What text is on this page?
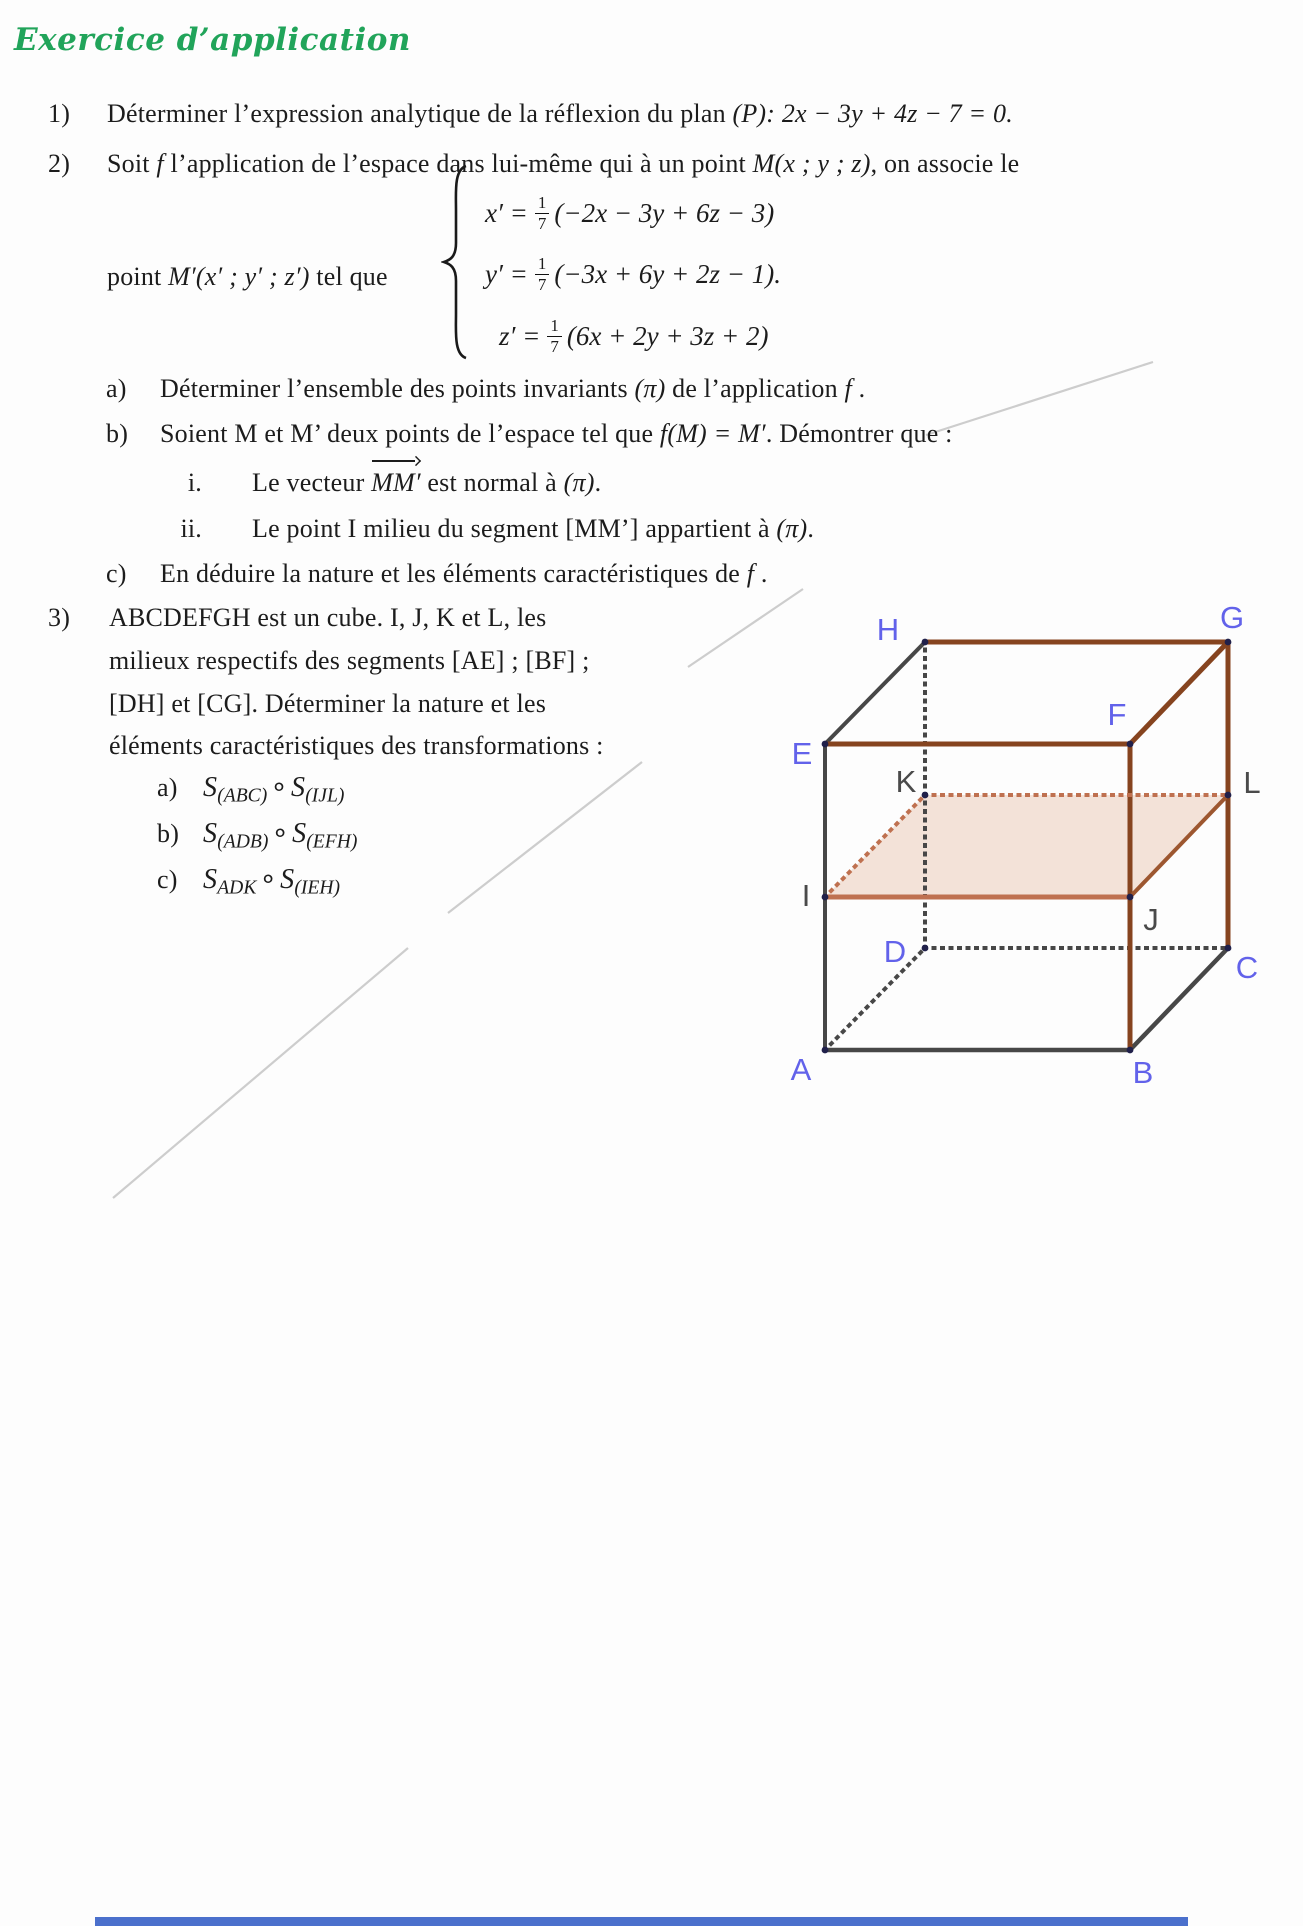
A	B
C
D
E
F
G
H
I
J
K	L
Exercice d’application
1) Déterminer l’expression analytique de la réflexion du plan (P): 2x − 3y + 4z − 7 = 0.
2) Soit f l’application de l’espace dans lui-même qui à un point M(x ; y ; z), on associe le
point M′(x′ ; y′ ; z′) tel que
$x' = \frac{1}{7} (-2x - 3y + 6z - 3)$
$y' = \frac{1}{7} (-3x + 6y + 2z - 1)$.
$z' = \frac{1}{7} (6x + 2y + 3z + 2)$
a) Déterminer l’ensemble des points invariants (π) de l’application f .
b) Soient M et M’ deux points de l’espace tel que f(M) = M′. Démontrer que :
i. Le vecteur MM′ est normal à (π).
ii. Le point I milieu du segment [MM’] appartient à (π).
c) En déduire la nature et les éléments caractéristiques de f .
3) ABCDEFGH est un cube. I, J, K et L, les
milieux respectifs des segments [AE] ; [BF] ;
[DH] et [CG]. Déterminer la nature et les
éléments caractéristiques des transformations :
a) S(ABC) ∘ S(IJL)
b) S(ADB) ∘ S(EFH)
c) SADK ∘ S(IEH)
